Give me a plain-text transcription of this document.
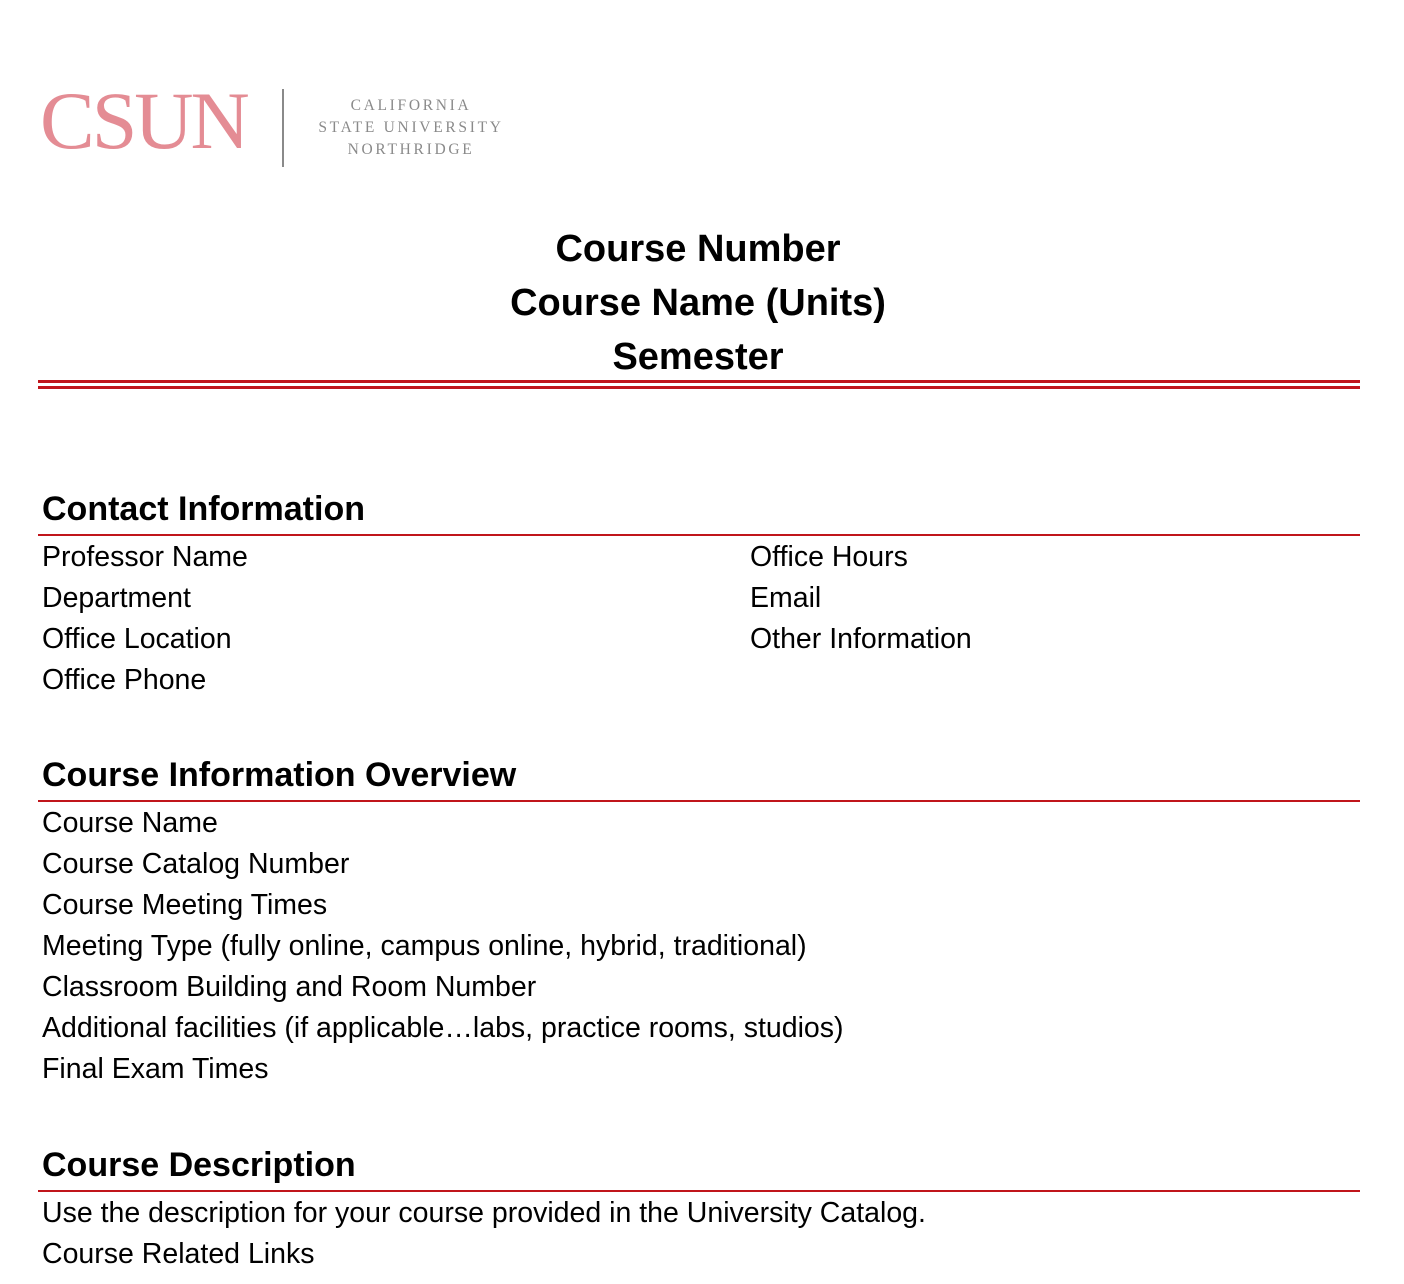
CSUN	CALIFORNIA
STATE UNIVERSITY
NORTHRIDGE
Course Number
Course Name (Units)
Semester
Contact Information
Professor Name
Department
Office Location
Office Phone
Office Hours
Email
Other Information
Course Information Overview
Course Name
Course Catalog Number
Course Meeting Times
Meeting Type (fully online, campus online, hybrid, traditional)
Classroom Building and Room Number
Additional facilities (if applicable…labs, practice rooms, studios)
Final Exam Times
Course Description
Use the description for your course provided in the University Catalog.
Course Related Links
